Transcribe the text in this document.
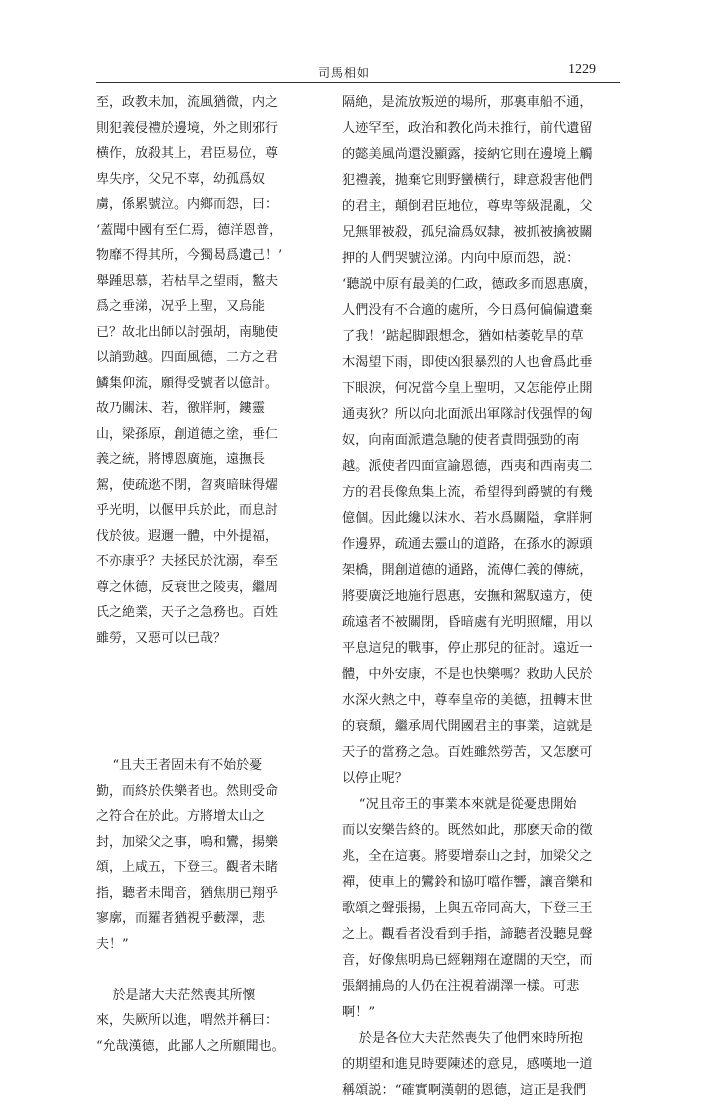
司馬相如	1229
至，政教未加，流風猶微，内之
則犯義侵禮於邊境，外之則邪行
横作，放殺其上，君臣易位，尊
卑失序，父兄不辜，幼孤爲奴
虜，係累號泣。内鄉而怨，曰：
‘蓋聞中國有至仁焉，德洋恩普，
物靡不得其所，今獨曷爲遺己！’
舉踵思慕，若枯旱之望雨，盭夫
爲之垂涕，况乎上聖，又烏能
已？故北出師以討强胡，南馳使
以誚勁越。四面風德，二方之君
鱗集仰流，願得受號者以億計。
故乃關沫、若，徼牂牁，鏤靈
山，梁孫原，創道德之塗，垂仁
義之統，將博恩廣施，遠撫長
駕，使疏逖不閉，曶爽暗昧得燿
乎光明，以偃甲兵於此，而息討
伐於彼。遐邇一體，中外提福，
不亦康乎？夫拯民於沈溺，奉至
尊之休德，反衰世之陵夷，繼周
氏之絶業，天子之急務也。百姓
雖勞，又惡可以已哉？

“且夫王者固未有不始於憂
勤，而終於佚樂者也。然則受命
之符合在於此。方將增太山之
封，加梁父之事，鳴和鸞，揚樂
頌，上咸五，下登三。觀者未睹
指，聽者未聞音，猶焦朋已翔乎
寥廓，而羅者猶視乎藪澤，悲
夫！”

於是諸大夫茫然喪其所懷
來，失厥所以進，喟然并稱曰：
“允哉漢德，此鄙人之所願聞也。
隔絶，是流放叛逆的場所，那裏車船不通，
人迹罕至，政治和教化尚未推行，前代遺留
的懿美風尚還没顯露，接納它則在邊境上觸
犯禮義，拋棄它則野蠻横行，肆意殺害他們
的君主，顛倒君臣地位，尊卑等級混亂，父
兄無罪被殺，孤兒淪爲奴隸，被抓被擒被關
押的人們哭號泣涕。内向中原而怨，説：
‘聽説中原有最美的仁政，德政多而恩惠廣，
人們没有不合適的處所，今日爲何偏偏遺棄
了我！’踮起脚跟想念，猶如枯萎乾旱的草
木渴望下雨，即使凶狠暴烈的人也會爲此垂
下眼淚，何况當今皇上聖明，又怎能停止開
通夷狄？所以向北面派出軍隊討伐强悍的匈
奴，向南面派遣急馳的使者責問强勁的南
越。派使者四面宣諭恩德，西夷和西南夷二
方的君長像魚集上流，希望得到爵號的有幾
億個。因此纔以沫水、若水爲關隘，拿牂牁
作邊界，疏通去靈山的道路，在孫水的源頭
架橋，開創道德的通路，流傳仁義的傳統，
將要廣泛地施行恩惠，安撫和駕馭遠方，使
疏遠者不被關閉，昏暗處有光明照耀，用以
平息這兒的戰事，停止那兒的征討。遠近一
體，中外安康，不是也快樂嗎？救助人民於
水深火熱之中，尊奉皇帝的美德，扭轉末世
的衰頹，繼承周代開國君主的事業，這就是
天子的當務之急。百姓雖然勞苦，又怎麽可
以停止呢？
“况且帝王的事業本來就是從憂患開始
而以安樂告終的。既然如此，那麽天命的徵
兆，全在這裏。將要增泰山之封，加梁父之
禪，使車上的鸞鈴和協叮噹作響，讓音樂和
歌頌之聲張揚，上與五帝同高大，下登三王
之上。觀看者没看到手指，諦聽者没聽見聲
音，好像焦明鳥已經翱翔在遼闊的天空，而
張網捕鳥的人仍在注視着湖澤一樣。可悲
啊！”
於是各位大夫茫然喪失了他們來時所抱
的期望和進見時要陳述的意見，感嘆地一道
稱頌説：“確實啊漢朝的恩德，這正是我們
